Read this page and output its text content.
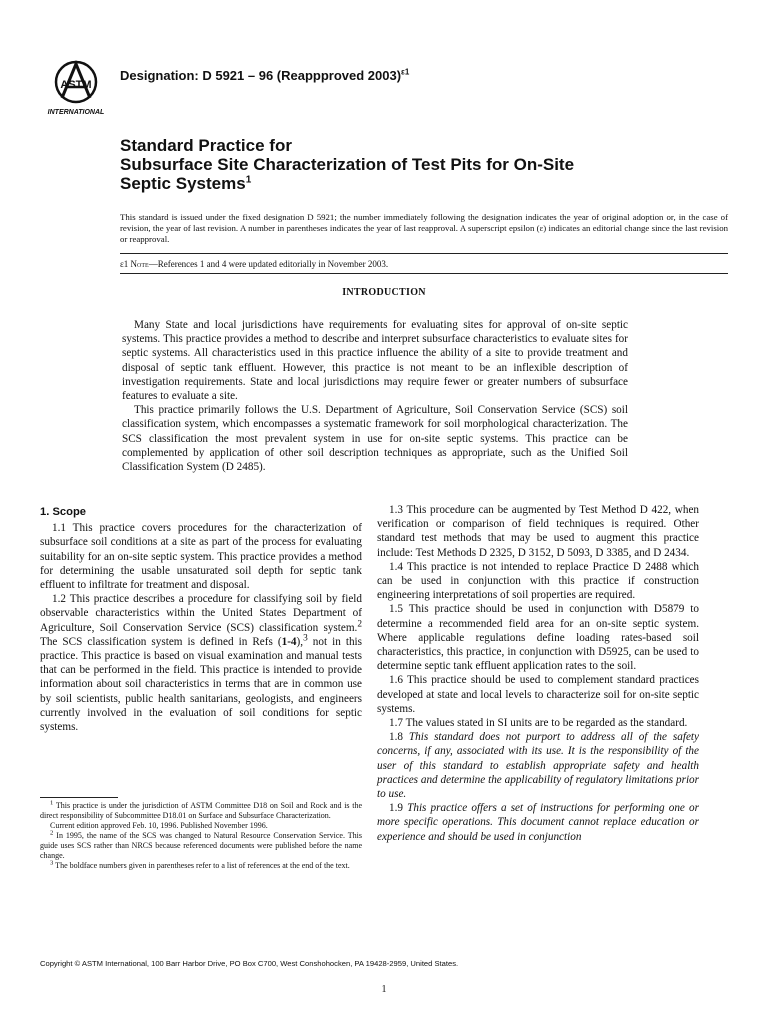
ASTM
INTERNATIONAL
Designation: D 5921 – 96 (Reappproved 2003)$^{\varepsilon 1}$
Standard Practice for
Subsurface Site Characterization of Test Pits for On-Site
Septic Systems$^1$
This standard is issued under the fixed designation D 5921; the number immediately following the designation indicates the year of original adoption or, in the case of revision, the year of last revision. A number in parentheses indicates the year of last reapproval. A superscript epsilon (ε) indicates an editorial change since the last revision or reapproval.
ε1 Note—References 1 and 4 were updated editorially in November 2003.
INTRODUCTION

Many State and local jurisdictions have requirements for evaluating sites for approval of on-site septic systems. This practice provides a method to describe and interpret subsurface characteristics to evaluate sites for septic systems. All characteristics used in this practice influence the ability of a site to provide treatment and disposal of septic tank effluent. However, this practice is not meant to be an inflexible description of investigation requirements. State and local jurisdictions may require fewer or greater numbers of subsurface features to evaluate a site.

This practice primarily follows the U.S. Department of Agriculture, Soil Conservation Service (SCS) soil classification system, which encompasses a systematic framework for soil morphological characterization. The SCS classification the most prevalent system in use for on-site septic systems. This practice can be complemented by application of other soil description techniques as appropriate, such as the Unified Soil Classification System (D 2485).

1. Scope

1.1 This practice covers procedures for the characterization of subsurface soil conditions at a site as part of the process for evaluating suitability for an on-site septic system. This practice provides a method for determining the usable unsaturated soil depth for septic tank effluent to infiltrate for treatment and disposal.

1.2 This practice describes a procedure for classifying soil by field observable characteristics within the United States Department of Agriculture, Soil Conservation Service (SCS) classification system.$^2$ The SCS classification system is defined in Refs (1-4),$^3$ not in this practice. This practice is based on visual examination and manual tests that can be performed in the field. This practice is intended to provide information about soil characteristics in terms that are in common use by soil scientists, public health sanitarians, geologists, and engineers currently involved in the evaluation of soil conditions for septic systems.

1.3 This procedure can be augmented by Test Method D 422, when verification or comparison of field techniques is required. Other standard test methods that may be used to augment this practice include: Test Methods D 2325, D 3152, D 5093, D 3385, and D 2434.

1.4 This practice is not intended to replace Practice D 2488 which can be used in conjunction with this practice if construction engineering interpretations of soil properties are required.

1.5 This practice should be used in conjunction with D5879 to determine a recommended field area for an on-site septic system. Where applicable regulations define loading rates-based soil characteristics, this practice, in conjunction with D5925, can be used to determine septic tank effluent application rates to the soil.

1.6 This practice should be used to complement standard practices developed at state and local levels to characterize soil for on-site septic systems.

1.7 The values stated in SI units are to be regarded as the standard.

1.8 This standard does not purport to address all of the safety concerns, if any, associated with its use. It is the responsibility of the user of this standard to establish appropriate safety and health practices and determine the applicability of regulatory limitations prior to use.

1.9 This practice offers a set of instructions for performing one or more specific operations. This document cannot replace education or experience and should be used in conjunction

$^1$ This practice is under the jurisdiction of ASTM Committee D18 on Soil and Rock and is the direct responsibility of Subcommittee D18.01 on Surface and Subsurface Characterization.

Current edition approved Feb. 10, 1996. Published November 1996.

$^2$ In 1995, the name of the SCS was changed to Natural Resource Conservation Service. This guide uses SCS rather than NRCS because referenced documents were published before the name change.

$^3$ The boldface numbers given in parentheses refer to a list of references at the end of the text.

Copyright © ASTM International, 100 Barr Harbor Drive, PO Box C700, West Conshohocken, PA 19428-2959, United States.
1
